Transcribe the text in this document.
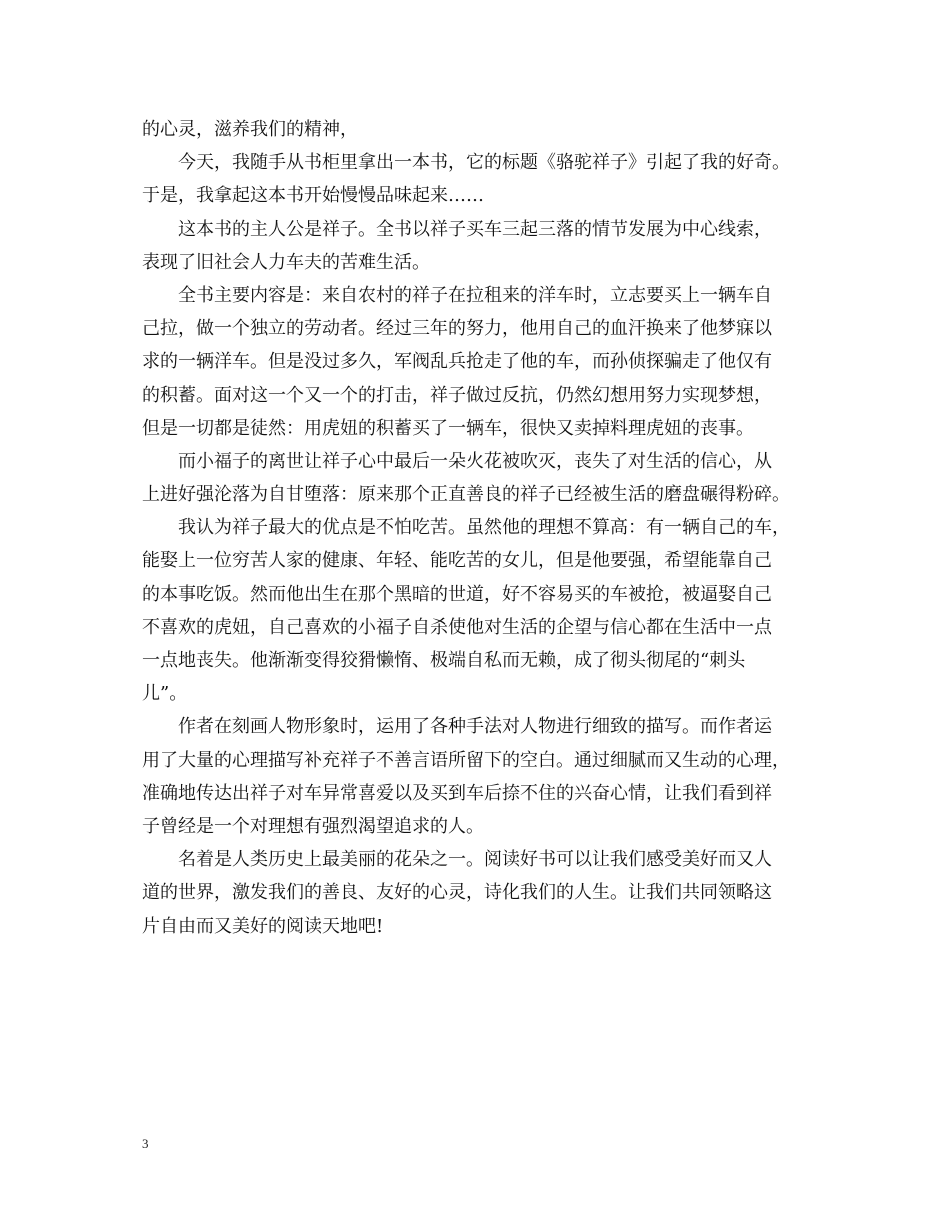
的心灵，滋养我们的精神，
　　今天，我随手从书柜里拿出一本书，它的标题《骆驼祥子》引起了我的好奇。
于是，我拿起这本书开始慢慢品味起来……
　　这本书的主人公是祥子。全书以祥子买车三起三落的情节发展为中心线索，
表现了旧社会人力车夫的苦难生活。
　　全书主要内容是：来自农村的祥子在拉租来的洋车时，立志要买上一辆车自
己拉，做一个独立的劳动者。经过三年的努力，他用自己的血汗换来了他梦寐以
求的一辆洋车。但是没过多久，军阀乱兵抢走了他的车，而孙侦探骗走了他仅有
的积蓄。面对这一个又一个的打击，祥子做过反抗，仍然幻想用努力实现梦想，
但是一切都是徒然：用虎妞的积蓄买了一辆车，很快又卖掉料理虎妞的丧事。
　　而小福子的离世让祥子心中最后一朵火花被吹灭，丧失了对生活的信心，从
上进好强沦落为自甘堕落：原来那个正直善良的祥子已经被生活的磨盘碾得粉碎。
　　我认为祥子最大的优点是不怕吃苦。虽然他的理想不算高：有一辆自己的车，
能娶上一位穷苦人家的健康、年轻、能吃苦的女儿，但是他要强，希望能靠自己
的本事吃饭。然而他出生在那个黑暗的世道，好不容易买的车被抢，被逼娶自己
不喜欢的虎妞，自己喜欢的小福子自杀使他对生活的企望与信心都在生活中一点
一点地丧失。他渐渐变得狡猾懒惰、极端自私而无赖，成了彻头彻尾的“刺头
儿”。
　　作者在刻画人物形象时，运用了各种手法对人物进行细致的描写。而作者运
用了大量的心理描写补充祥子不善言语所留下的空白。通过细腻而又生动的心理，
准确地传达出祥子对车异常喜爱以及买到车后捺不住的兴奋心情，让我们看到祥
子曾经是一个对理想有强烈渴望追求的人。
　　名着是人类历史上最美丽的花朵之一。阅读好书可以让我们感受美好而又人
道的世界，激发我们的善良、友好的心灵，诗化我们的人生。让我们共同领略这
片自由而又美好的阅读天地吧!
3
